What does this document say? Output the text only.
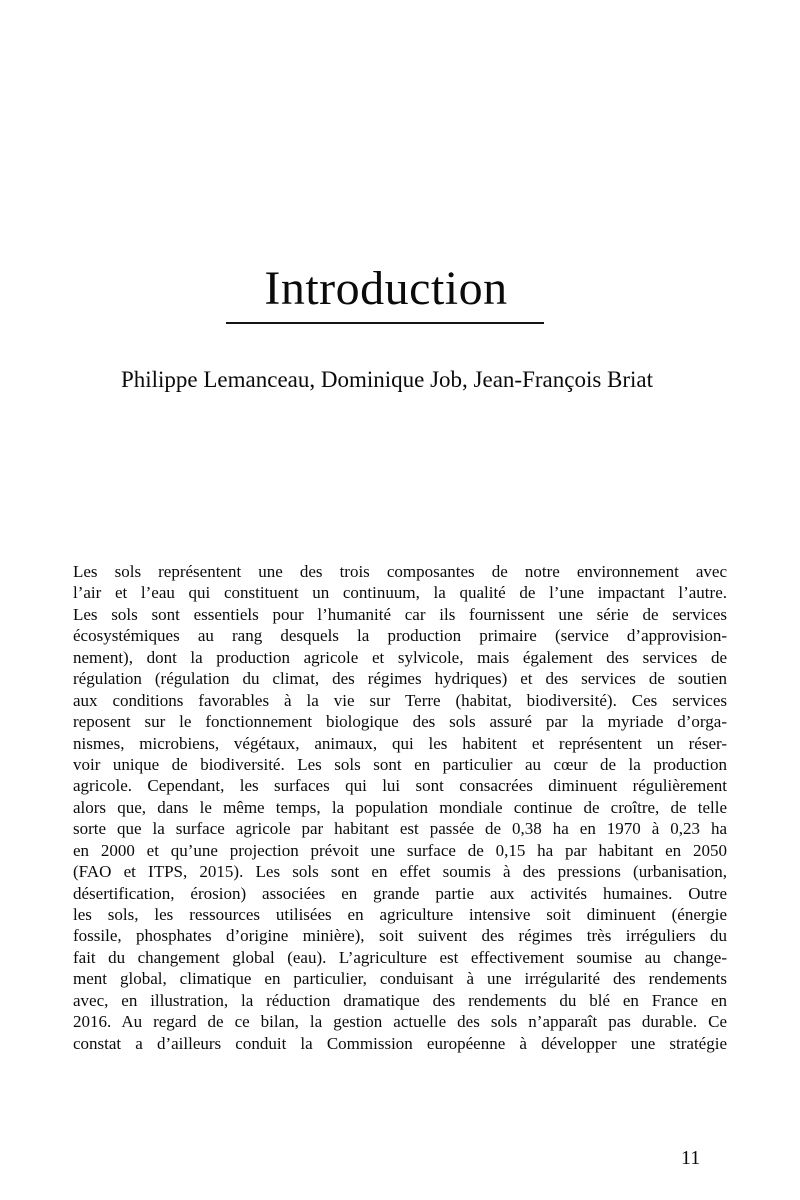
Introduction
Philippe Lemanceau, Dominique Job, Jean-François Briat
Les sols représentent une des trois composantes de notre environnement avec
l’air et l’eau qui constituent un continuum, la qualité de l’une impactant l’autre.
Les sols sont essentiels pour l’humanité car ils fournissent une série de services
écosystémiques au rang desquels la production primaire (service d’approvision-
nement), dont la production agricole et sylvicole, mais également des services de
régulation (régulation du climat, des régimes hydriques) et des services de soutien
aux conditions favorables à la vie sur Terre (habitat, biodiversité). Ces services
reposent sur le fonctionnement biologique des sols assuré par la myriade d’orga-
nismes, microbiens, végétaux, animaux, qui les habitent et représentent un réser-
voir unique de biodiversité. Les sols sont en particulier au cœur de la production
agricole. Cependant, les surfaces qui lui sont consacrées diminuent régulièrement
alors que, dans le même temps, la population mondiale continue de croître, de telle
sorte que la surface agricole par habitant est passée de 0,38 ha en 1970 à 0,23 ha
en 2000 et qu’une projection prévoit une surface de 0,15 ha par habitant en 2050
(FAO et ITPS, 2015). Les sols sont en effet soumis à des pressions (urbanisation,
désertification, érosion) associées en grande partie aux activités humaines. Outre
les sols, les ressources utilisées en agriculture intensive soit diminuent (énergie
fossile, phosphates d’origine minière), soit suivent des régimes très irréguliers du
fait du changement global (eau). L’agriculture est effectivement soumise au change-
ment global, climatique en particulier, conduisant à une irrégularité des rendements
avec, en illustration, la réduction dramatique des rendements du blé en France en
2016. Au regard de ce bilan, la gestion actuelle des sols n’apparaît pas durable. Ce
constat a d’ailleurs conduit la Commission européenne à développer une stratégie
11
